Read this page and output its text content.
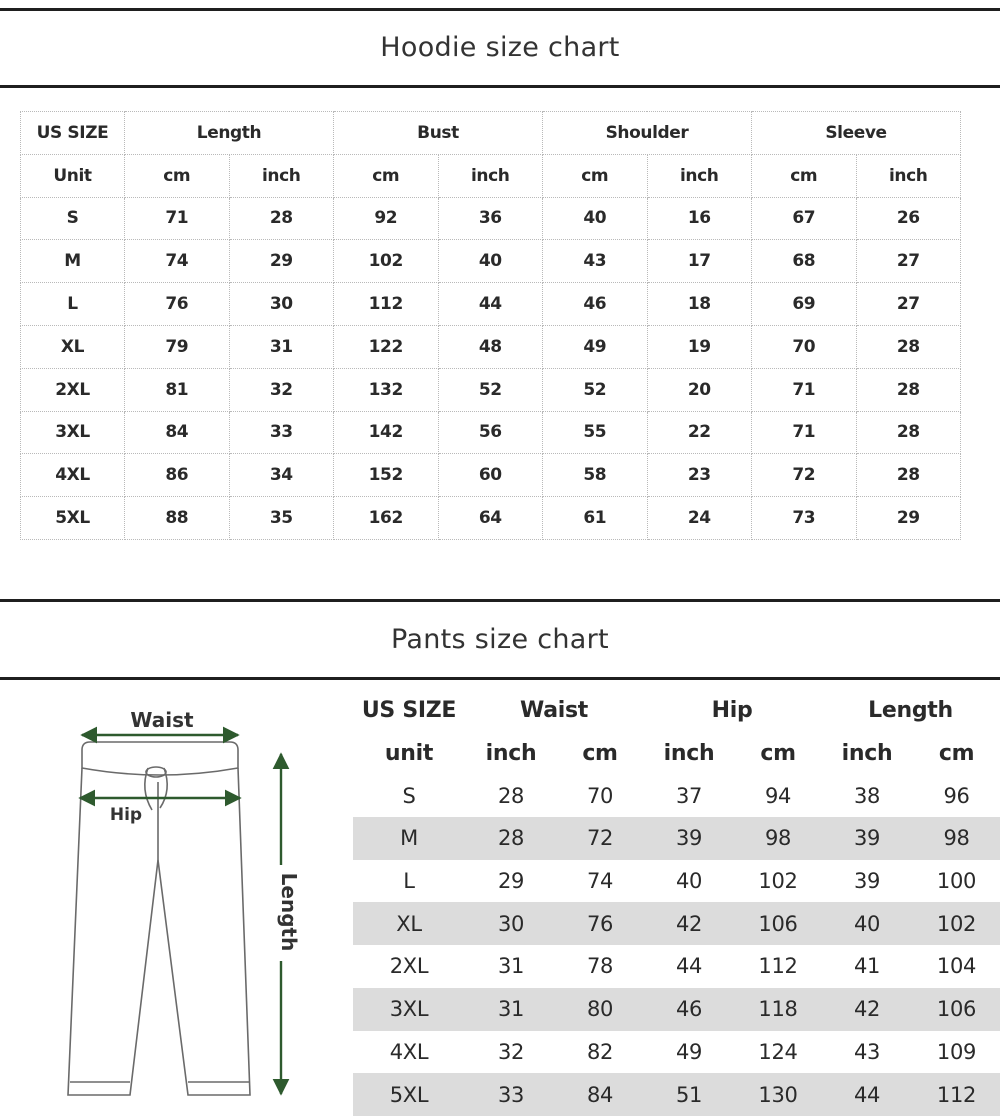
Hoodie size chart
US SIZE	Length		Bust		Shoulder		Sleeve	
Unit	cm	inch	cm	inch	cm	inch	cm	inch
S	71	28	92	36	40	16	67	26
M	74	29	102	40	43	17	68	27
L	76	30	112	44	46	18	69	27
XL	79	31	122	48	49	19	70	28
2XL	81	32	132	52	52	20	71	28
3XL	84	33	142	56	55	22	71	28
4XL	86	34	152	60	58	23	72	28
5XL	88	35	162	64	61	24	73	29
Pants size chart
Waist
Hip
Length
US SIZE	Waist		Hip		Length	
unit	inch	cm	inch	cm	inch	cm
S	28	70	37	94	38	96
M	28	72	39	98	39	98
L	29	74	40	102	39	100
XL	30	76	42	106	40	102
2XL	31	78	44	112	41	104
3XL	31	80	46	118	42	106
4XL	32	82	49	124	43	109
5XL	33	84	51	130	44	112
